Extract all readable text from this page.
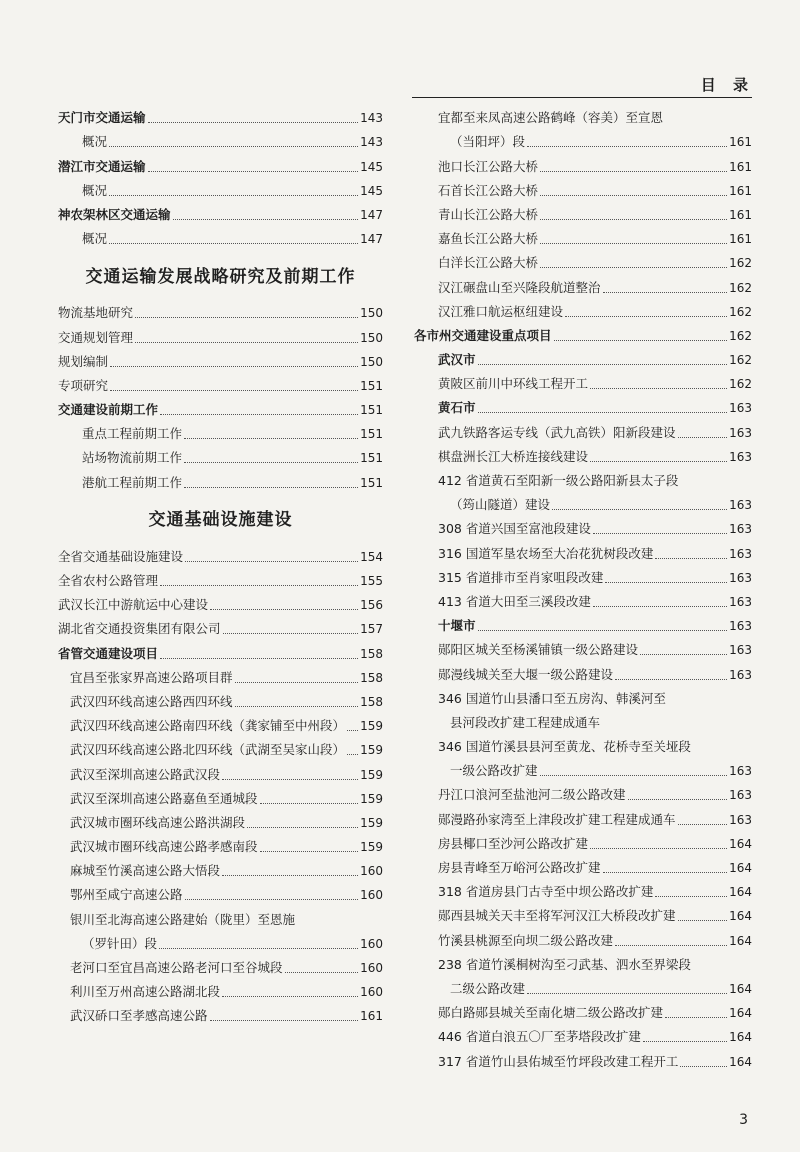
目 录
天门市交通运输	143
概况	143
潜江市交通运输	145
概况	145
神农架林区交通运输	147
概况	147
交通运输发展战略研究及前期工作
物流基地研究	150
交通规划管理	150
规划编制	150
专项研究	151
交通建设前期工作	151
重点工程前期工作	151
站场物流前期工作	151
港航工程前期工作	151
交通基础设施建设
全省交通基础设施建设	154
全省农村公路管理	155
武汉长江中游航运中心建设	156
湖北省交通投资集团有限公司	157
省管交通建设项目	158
宜昌至张家界高速公路项目群	158
武汉四环线高速公路西四环线	158
武汉四环线高速公路南四环线（龚家铺至中州段） 159
武汉四环线高速公路北四环线（武湖至吴家山段） 159
武汉至深圳高速公路武汉段	159
武汉至深圳高速公路嘉鱼至通城段	159
武汉城市圈环线高速公路洪湖段	159
武汉城市圈环线高速公路孝感南段	159
麻城至竹溪高速公路大悟段	160
鄂州至咸宁高速公路	160
银川至北海高速公路建始（陇里）至恩施
（罗针田）段	160
老河口至宜昌高速公路老河口至谷城段	160
利川至万州高速公路湖北段	160
武汉硚口至孝感高速公路	161
宜都至来凤高速公路鹤峰（容美）至宣恩
（当阳坪）段	161
池口长江公路大桥	161
石首长江公路大桥	161
青山长江公路大桥	161
嘉鱼长江公路大桥	161
白洋长江公路大桥	162
汉江碾盘山至兴隆段航道整治	162
汉江雅口航运枢纽建设	162
各市州交通建设重点项目	162
武汉市	162
黄陂区前川中环线工程开工	162
黄石市	163
武九铁路客运专线（武九高铁）阳新段建设	163
棋盘洲长江大桥连接线建设	163
412 省道黄石至阳新一级公路阳新县太子段
（筠山隧道）建设	163
308 省道兴国至富池段建设	163
316 国道军垦农场至大冶花犹树段改建	163
315 省道排市至肖家咀段改建	163
413 省道大田至三溪段改建	163
十堰市	163
郧阳区城关至杨溪铺镇一级公路建设	163
郧漫线城关至大堰一级公路建设	163
346 国道竹山县潘口至五房沟、韩溪河至
县河段改扩建工程建成通车
346 国道竹溪县县河至黄龙、花桥寺至关垭段
一级公路改扩建	163
丹江口浪河至盐池河二级公路改建	163
郧漫路孙家湾至上津段改扩建工程建成通车	163
房县椰口至沙河公路改扩建	164
房县青峰至万峪河公路改扩建	164
318 省道房县门古寺至中坝公路改扩建	164
郧西县城关天丰至将军河汉江大桥段改扩建	164
竹溪县桃源至向坝二级公路改建	164
238 省道竹溪桐树沟至刁武基、泗水至界梁段
二级公路改建	164
郧白路郧县城关至南化塘二级公路改扩建	164
446 省道白浪五〇厂至茅塔段改扩建	164
317 省道竹山县佑城至竹坪段改建工程开工	164
3
